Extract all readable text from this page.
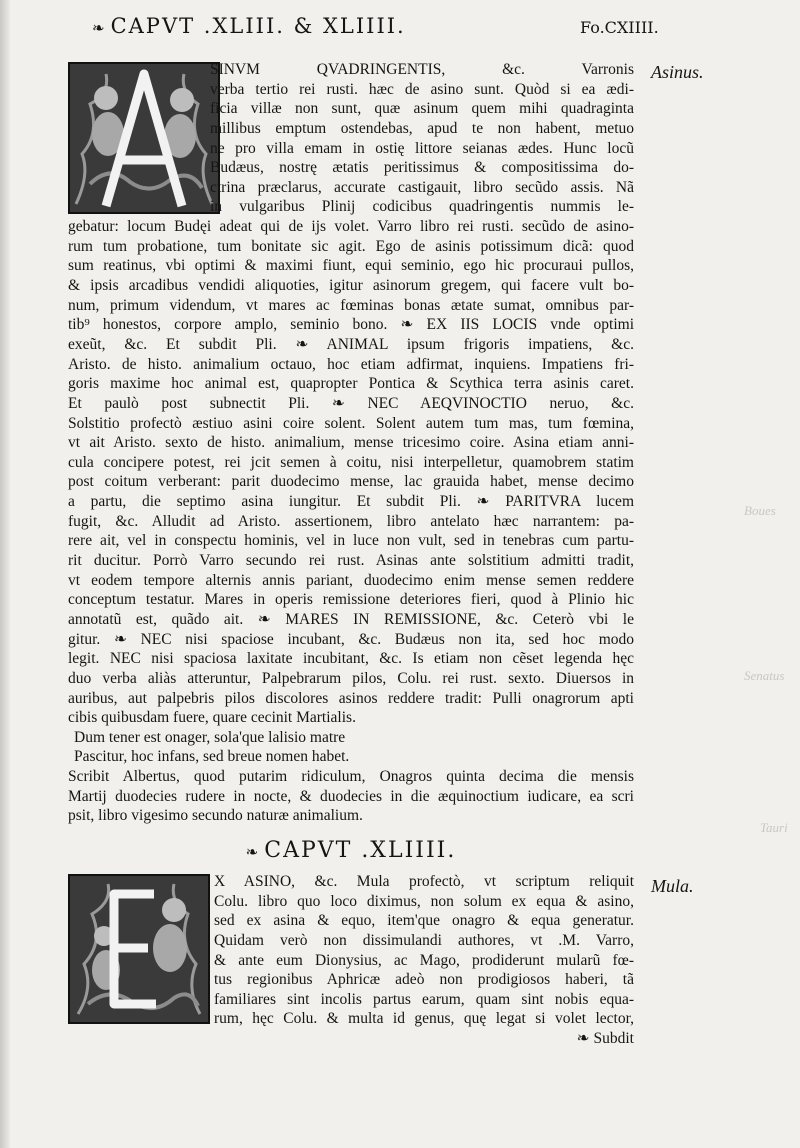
❧ CAPVT .XLIII. & XLIIII.	Fo.CXIIII.
Asinus.
Mula.
Boues
Senatus
Tauri
SINVM QVADRINGENTIS, &c. Varronis
verba tertio rei rusti. hæc de asino sunt. Quòd si ea ædi-
ficia villæ non sunt, quæ asinum quem mihi quadraginta
millibus emptum ostendebas, apud te non habent, metuo
ne pro villa emam in ostię littore seianas ædes. Hunc locũ
Budæus, nostrę ætatis peritissimus & compositissima do-
ctrina præclarus, accurate castigauit, libro secũdo assis. Nã
in vulgaribus Plinij codicibus quadringentis nummis le-
gebatur: locum Budęi adeat qui de ijs volet. Varro libro rei rusti. secũdo de asino-
rum tum probatione, tum bonitate sic agit. Ego de asinis potissimum dicã: quod
sum reatinus, vbi optimi & maximi fiunt, equi seminio, ego hic procuraui pullos,
& ipsis arcadibus vendidi aliquoties, igitur asinorum gregem, qui facere vult bo-
num, primum videndum, vt mares ac fœminas bonas ætate sumat, omnibus par-
tib⁹ honestos, corpore amplo, seminio bono. ❧ EX IIS LOCIS vnde optimi
exeũt, &c. Et subdit Pli. ❧ ANIMAL ipsum frigoris impatiens, &c.
Aristo. de histo. animalium octauo, hoc etiam adfirmat, inquiens. Impatiens fri-
goris maxime hoc animal est, quapropter Pontica & Scythica terra asinis caret.
Et paulò post subnectit Pli. ❧ NEC AEQVINOCTIO neruo, &c.
Solstitio profectò æstiuo asini coire solent. Solent autem tum mas, tum fœmina,
vt ait Aristo. sexto de histo. animalium, mense tricesimo coire. Asina etiam anni-
cula concipere potest, rei jcit semen à coitu, nisi interpelletur, quamobrem statim
post coitum verberant: parit duodecimo mense, lac grauida habet, mense decimo
a partu, die septimo asina iungitur. Et subdit Pli. ❧ PARITVRA lucem
fugit, &c. Alludit ad Aristo. assertionem, libro antelato hæc narrantem: pa-
rere ait, vel in conspectu hominis, vel in luce non vult, sed in tenebras cum partu-
rit ducitur. Porrò Varro secundo rei rust. Asinas ante solstitium admitti tradit,
vt eodem tempore alternis annis pariant, duodecimo enim mense semen reddere
conceptum testatur. Mares in operis remissione deteriores fieri, quod à Plinio hic
annotatũ est, quãdo ait. ❧ MARES IN REMISSIONE, &c. Ceterò vbi le
gitur. ❧ NEC nisi spaciose incubant, &c. Budæus non ita, sed hoc modo
legit. NEC nisi spaciosa laxitate incubitant, &c. Is etiam non cẽset legenda hęc
duo verba aliàs atteruntur, Palpebrarum pilos, Colu. rei rust. sexto. Diuersos in
auribus, aut palpebris pilos discolores asinos reddere tradit: Pulli onagrorum apti
cibis quibusdam fuere, quare cecinit Martialis.
Dum tener est onager, sola'que lalisio matre
Pascitur, hoc infans, sed breue nomen habet.
Scribit Albertus, quod putarim ridiculum, Onagros quinta decima die mensis
Martij duodecies rudere in nocte, & duodecies in die æquinoctium iudicare, ea scri
psit, libro vigesimo secundo naturæ animalium.
❧ CAPVT .XLIIII.
X ASINO, &c. Mula profectò, vt scriptum reliquit
Colu. libro quo loco diximus, non solum ex equa & asino,
sed ex asina & equo, item'que onagro & equa generatur.
Quidam verò non dissimulandi authores, vt .M. Varro,
& ante eum Dionysius, ac Mago, prodiderunt mularũ fœ-
tus regionibus Aphricæ adeò non prodigiosos haberi, tã
familiares sint incolis partus earum, quam sint nobis equa-
rum, hęc Colu. & multa id genus, quę legat si volet lector,
❧ Subdit
